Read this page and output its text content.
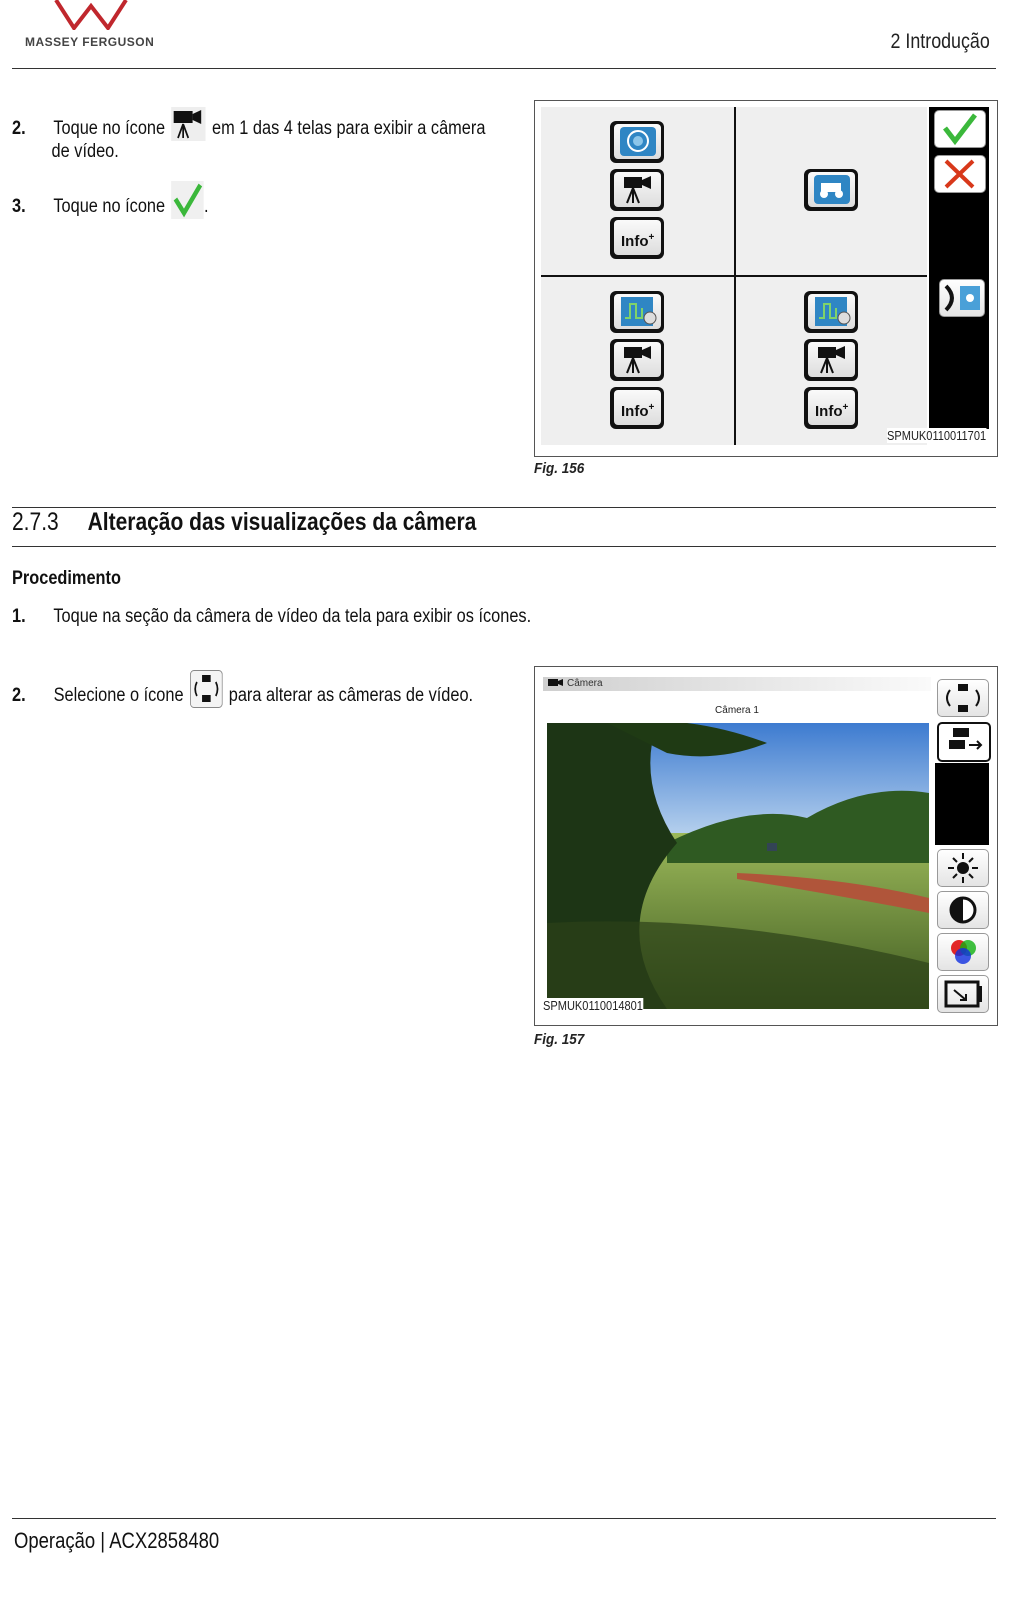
MASSEY FERGUSON	2 Introdução
2. Toque no ícone em 1 das 4 telas para exibir a câmera
de vídeo.
3. Toque no ícone .
Info+
Info+	Info+
SPMUK0110011701
Fig. 156
2.7.3 Alteração das visualizações da câmera
Procedimento
1. Toque na seção da câmera de vídeo da tela para exibir os ícones.
2. Selecione o ícone para alterar as câmeras de vídeo.
Câmera
Câmera 1
SPMUK0110014801
Fig. 157
Operação | ACX2858480
